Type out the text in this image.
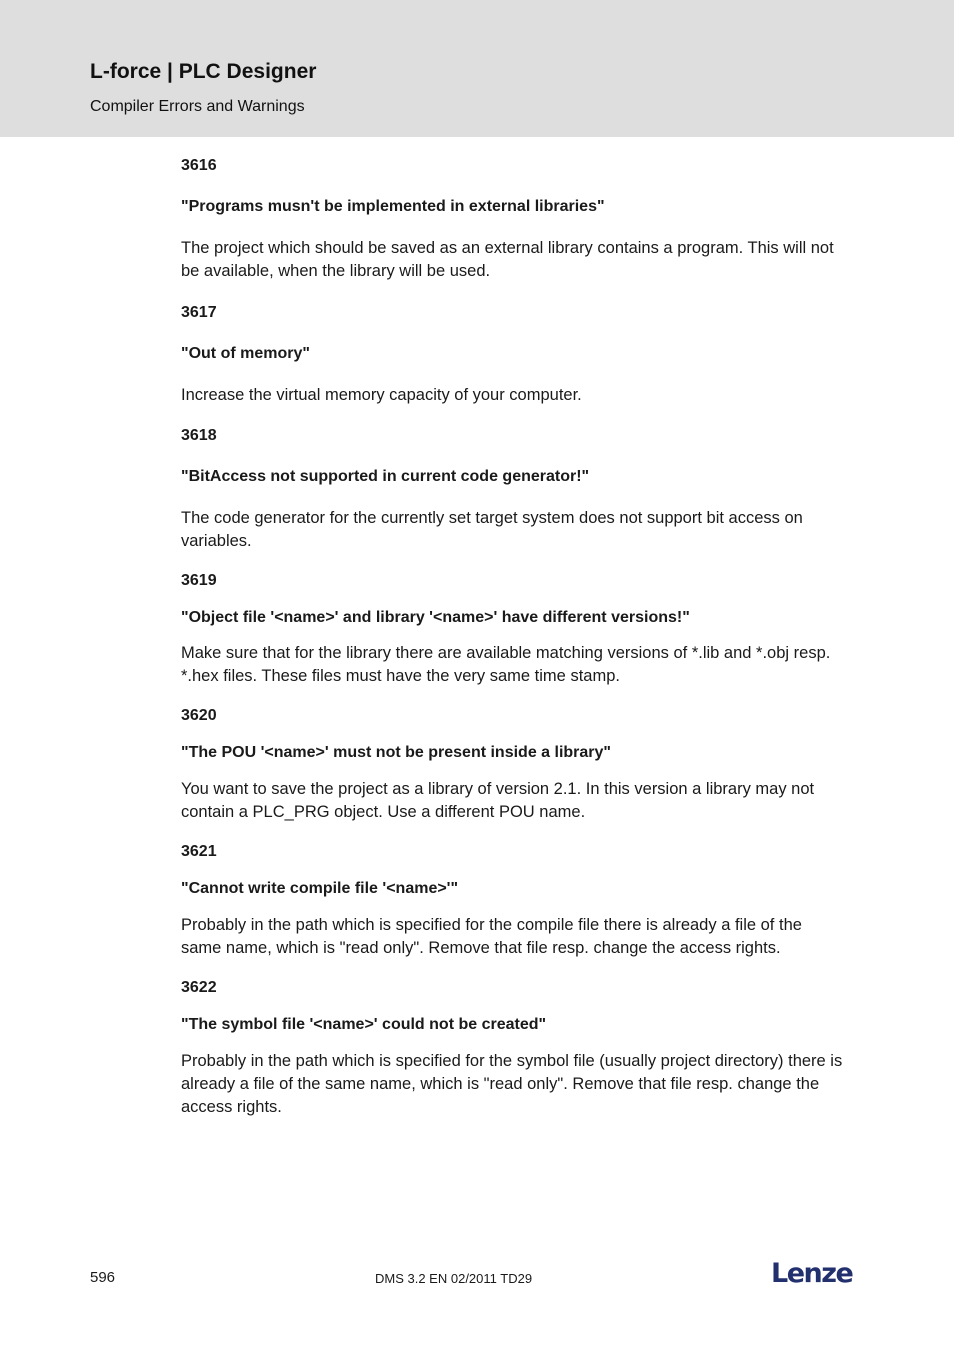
L-force | PLC Designer
Compiler Errors and Warnings

3616

"Programs musn't be implemented in external libraries"

The project which should be saved as an external library contains a program. This will not be available, when the library will be used.

3617

"Out of memory"

Increase the virtual memory capacity of your computer.

3618

"BitAccess not supported in current code generator!"

The code generator for the currently set target system does not support bit access on variables.

3619

"Object file '<name>' and library '<name>' have different versions!"

Make sure that for the library there are available matching versions of *.lib and *.obj resp. *.hex files. These files must have the very same time stamp.

3620

"The POU '<name>' must not be present inside a library"

You want to save the project as a library of version 2.1. In this version a library may not contain a PLC_PRG object. Use a different POU name.

3621

"Cannot write compile file '<name>'"

Probably in the path which is specified for the compile file there is already a file of the same name, which is "read only". Remove that file resp. change the access rights.

3622

"The symbol file '<name>' could not be created"

Probably in the path which is specified for the symbol file (usually project directory) there is already a file of the same name, which is "read only". Remove that file resp. change the access rights.

596	DMS 3.2 EN 02/2011 TD29	Lenze
